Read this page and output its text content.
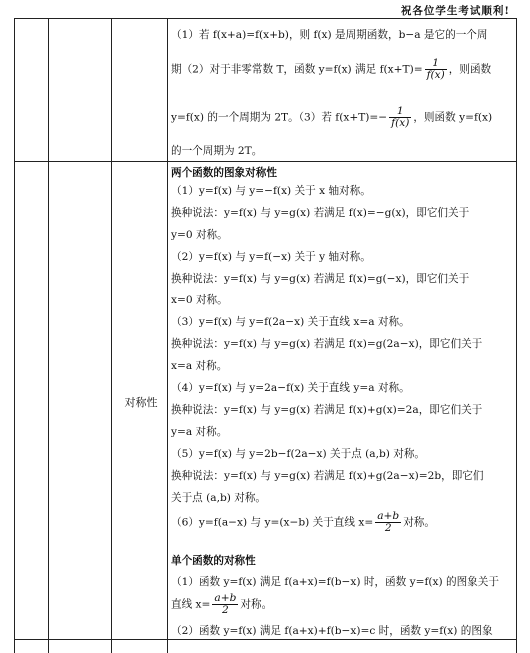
祝各位学生考试顺利!
（1）若 f(x+a)=f(x+b)，则 f(x) 是周期函数，b−a 是它的一个周
期（2）对于非零常数 T，函数 y=f(x) 满足 $f(x+T)= \frac{1}{f(x)}$ ，则函数
y=f(x) 的一个周期为 2T。（3）若 $f(x+T)=- \frac{1}{f(x)}$ ，则函数 y=f(x)
的一个周期为 2T。
对称性
两个函数的图象对称性
（1）y=f(x) 与 y=−f(x) 关于 x 轴对称。
换种说法：y=f(x) 与 y=g(x) 若满足 f(x)=−g(x)，即它们关于
y=0 对称。
（2）y=f(x) 与 y=f(−x) 关于 y 轴对称。
换种说法：y=f(x) 与 y=g(x) 若满足 f(x)=g(−x)，即它们关于
x=0 对称。
（3）y=f(x) 与 y=f(2a−x) 关于直线 x=a 对称。
换种说法：y=f(x) 与 y=g(x) 若满足 f(x)=g(2a−x)，即它们关于
x=a 对称。
（4）y=f(x) 与 y=2a−f(x) 关于直线 y=a 对称。
换种说法：y=f(x) 与 y=g(x) 若满足 f(x)+g(x)=2a，即它们关于
y=a 对称。
（5）y=f(x) 与 y=2b−f(2a−x) 关于点 (a,b) 对称。
换种说法：y=f(x) 与 y=g(x) 若满足 f(x)+g(2a−x)=2b，即它们
关于点 (a,b) 对称。
（6）y=f(a−x) 与 y=(x−b) 关于直线 $x= \frac{a+b}{2}$ 对称。
单个函数的对称性
（1）函数 y=f(x) 满足 f(a+x)=f(b−x) 时，函数 y=f(x) 的图象关于
直线 $x= \frac{a+b}{2}$ 对称。
（2）函数 y=f(x) 满足 f(a+x)+f(b−x)=c 时，函数 y=f(x) 的图象
